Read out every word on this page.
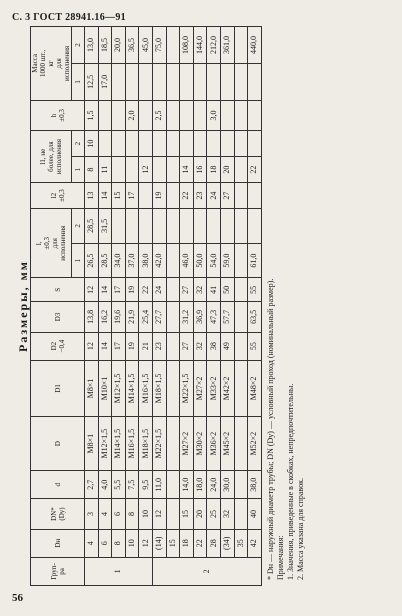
С. 3 ГОСТ 28941.16—91
Размеры, мм
Груп-
pа	Dн	DN*
(Dу)	d	D	D1	D2
−0,4	D3	S	l,
±0,3
для
исполнения		l2
±0,3	l1, не
более, для
исполнения		h
±0,3	Масса
1000 шт.,
кг
для
исполнения	
									1	2		1	2		1	2
1	4	3	2,7	M8×1	M8×1	12	13,8	12	26,5	28,5	13	8	10	1,5	12,5	13,0
	6	4	4,0	M12×1,5	M10×1	14	16,2	14	28,5	31,5	14	11			17,0	18,5
	8	6	5,5	M14×1,5	M12×1,5	17	19,6	17	34,0		15					20,0
	10	8	7,5	M16×1,5	M14×1,5	19	21,9	19	37,0		17			2,0		36,5
	12	10	9,5	M18×1,5	M16×1,5	21	25,4	22	38,0			12				45,0
2	(14)	12	11,0	M22×1,5	M18×1,5	23	27,7	24	42,0		19			2,5		75,0
	15															
	18	15	14,0	M27×2	M22×1,5	27	31,2	27	46,0		22	14				108,0
	22	20	18,0	M30×2	M27×2	32	36,9	32	50,0		23	16				144,0
	28	25	24,0	M36×2	M33×2	38	47,3	41	54,0		24	18		3,0		212,0
	(34)	32	30,0	M45×2	M42×2	49	57,7	50	59,0		27	20				361,0
	35															
	42	40	38,0	M52×2	M48×2	55	63,5	55	61,0			22				440,0

* Dн — наружный диаметр трубы; DN (Dу) — условный проход (номинальный размер). Примечания: 1. Значения, приведенные в скобках, непредпочтительны. 2. Масса указана для справок.

56
